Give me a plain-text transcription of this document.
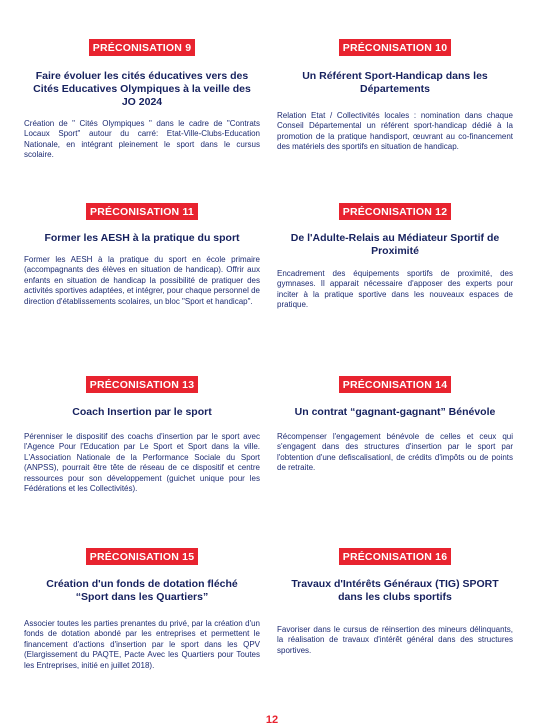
PRÉCONISATION 9

Faire évoluer les cités éducatives vers des
Cités Educatives Olympiques à la veille des
JO 2024

Création de " Cités Olympiques " dans le cadre de "Contrats Locaux Sport" autour du carré: Etat-Ville-Clubs-Education Nationale, en intégrant pleinement le sport dans le cursus scolaire.

PRÉCONISATION 10

Un Référent Sport-Handicap dans les
Départements

Relation Etat / Collectivités locales : nomination dans chaque Conseil Départemental un référent sport-handicap dédié à la promotion de la pratique handisport, œuvrant au co-financement des matériels des sportifs en situation de handicap.

PRÉCONISATION 11

Former les AESH à la pratique du sport

Former les AESH à la pratique du sport en école primaire (accompagnants des élèves en situation de handicap). Offrir aux enfants en situation de handicap la possibilité de pratiquer des activités sportives adaptées, et intégrer, pour chaque personnel de direction d'établissements scolaires, un bloc "Sport et handicap".

PRÉCONISATION 12

De l'Adulte-Relais au Médiateur Sportif de
Proximité

Encadrement des équipements sportifs de proximité, des gymnases. Il apparait nécessaire d'apposer des experts pour inciter à la pratique sportive dans les nouveaux espaces de pratique.

PRÉCONISATION 13

Coach Insertion par le sport

Pérenniser le dispositif des coachs d'insertion par le sport avec l'Agence Pour l'Education par Le Sport et Sport dans la ville. L'Association Nationale de la Performance Sociale du Sport (ANPSS), pourrait être tête de réseau de ce dispositif et centre ressources pour son développement (guichet unique pour les Fédérations et les Collectivités).

PRÉCONISATION 14

Un contrat “gagnant-gagnant” Bénévole

Récompenser l'engagement bénévole de celles et ceux qui s'engagent dans des structures d'insertion par le sport par l'obtention d'une defiscalisationl, de crédits d'impôts ou de points de retraite.

PRÉCONISATION 15

Création d'un fonds de dotation fléché
“Sport dans les Quartiers”

Associer toutes les parties prenantes du privé, par la création d'un fonds de dotation abondé par les entreprises et permettent le financement d'actions d'insertion par le sport dans les QPV (Elargissement du PAQTE, Pacte Avec les Quartiers pour Toutes les Entreprises, initié en juillet 2018).

PRÉCONISATION 16

Travaux d'Intérêts Généraux (TIG) SPORT
dans les clubs sportifs

Favoriser dans le cursus de réinsertion des mineurs délinquants, la réalisation de travaux d'intérêt général dans des structures sportives.

12
